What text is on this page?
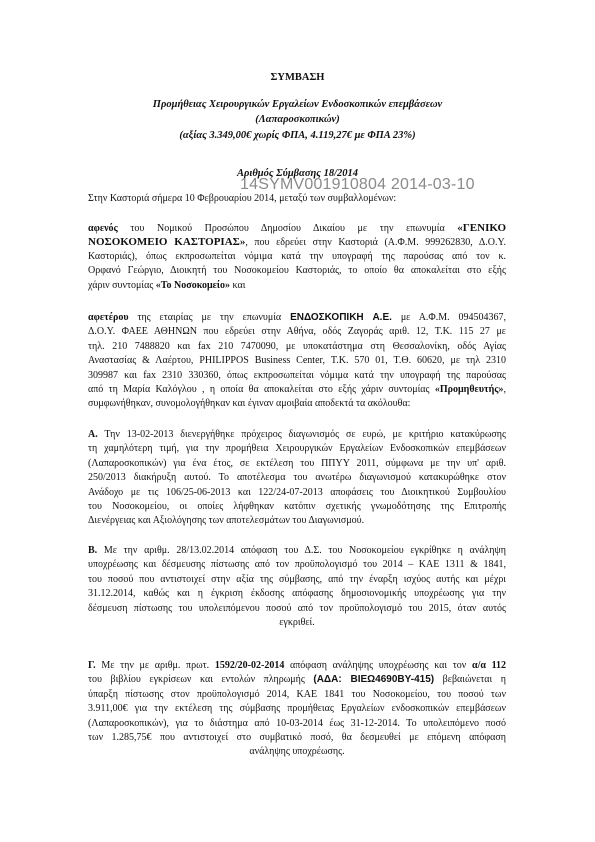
ΣΥΜΒΑΣΗ
Προμήθειας Χειρουργικών Εργαλείων Ενδοσκοπικών επεμβάσεων
(Λαπαροσκοπικών)
(αξίας 3.349,00€ χωρίς ΦΠΑ, 4.119,27€ με ΦΠΑ 23%)
Αριθμός Σύμβασης 18/2014
14SYMV001910804 2014-03-10
Στην Καστοριά σήμερα 10 Φεβρουαρίου 2014, μεταξύ των συμβαλλομένων:
αφενός του Νομικού Προσώπου Δημοσίου Δικαίου με την επωνυμία «ΓΕΝΙΚΟ
ΝΟΣΟΚΟΜΕΙΟ ΚΑΣΤΟΡΙΑΣ», που εδρεύει στην Καστοριά (Α.Φ.Μ. 999262830, Δ.Ο.Υ.
Καστοριάς), όπως εκπροσωπείται νόμιμα κατά την υπογραφή της παρούσας από τον κ.
Ορφανό Γεώργιο, Διοικητή του Νοσοκομείου Καστοριάς, το οποίο θα αποκαλείται στο εξής
χάριν συντομίας «Το Νοσοκομείο» και
αφετέρου της εταιρίας με την επωνυμία ΕΝΔΟΣΚΟΠΙΚΗ Α.Ε. με Α.Φ.Μ. 094504367,
Δ.Ο.Υ. ΦΑΕΕ ΑΘΗΝΩΝ που εδρεύει στην Αθήνα, οδός Ζαγοράς αριθ. 12, Τ.Κ. 115 27 με
τηλ. 210 7488820 και fax 210 7470090, με υποκατάστημα στη Θεσσαλονίκη, οδός Αγίας
Αναστασίας & Λαέρτου, PHILIPPOS Business Center, Τ.Κ. 570 01, Τ.Θ. 60620, με τηλ 2310
309987 και fax 2310 330360, όπως εκπροσωπείται νόμιμα κατά την υπογραφή της παρούσας
από τη Μαρία Καλόγλου , η οποία θα αποκαλείται στο εξής χάριν συντομίας «Προμηθευτής»,
συμφωνήθηκαν, συνομολογήθηκαν και έγιναν αμοιβαία αποδεκτά τα ακόλουθα:
Α. Την 13-02-2013 διενεργήθηκε πρόχειρος διαγωνισμός σε ευρώ, με κριτήριο κατακύρωσης
τη χαμηλότερη τιμή, για την προμήθεια Χειρουργικών Εργαλείων Ενδοσκοπικών επεμβάσεων
(Λαπαροσκοπικών) για ένα έτος, σε εκτέλεση του ΠΠΥΥ 2011, σύμφωνα με την υπ' αριθ.
250/2013 διακήρυξη αυτού. Το αποτέλεσμα του ανωτέρω διαγωνισμού κατακυρώθηκε στον
Ανάδοχο με τις 106/25-06-2013 και 122/24-07-2013 αποφάσεις του Διοικητικού Συμβουλίου
του Νοσοκομείου, οι οποίες λήφθηκαν κατόπιν σχετικής γνωμοδότησης της Επιτροπής
Διενέργειας και Αξιολόγησης των αποτελεσμάτων του Διαγωνισμού.
Β. Με την αριθμ. 28/13.02.2014 απόφαση του Δ.Σ. του Νοσοκομείου εγκρίθηκε η ανάληψη
υποχρέωσης και δέσμευσης πίστωσης από τον προϋπολογισμό του 2014 – ΚΑΕ 1311 & 1841,
του ποσού που αντιστοιχεί στην αξία της σύμβασης, από την έναρξη ισχύος αυτής και μέχρι
31.12.2014, καθώς και η έγκριση έκδοσης απόφασης δημοσιονομικής υποχρέωσης για την
δέσμευση πίστωσης του υπολειπόμενου ποσού από τον προϋπολογισμό του 2015, όταν αυτός
εγκριθεί.
Γ. Με την με αριθμ. πρωτ. 1592/20-02-2014 απόφαση ανάληψης υποχρέωσης και τον α/α 112
του βιβλίου εγκρίσεων και εντολών πληρωμής (ΑΔΑ: ΒΙΕΩ4690ΒΥ-415) βεβαιώνεται η
ύπαρξη πίστωσης στον προϋπολογισμό 2014, ΚΑΕ 1841 του Νοσοκομείου, του ποσού των
3.911,00€ για την εκτέλεση της σύμβασης προμήθειας Εργαλείων ενδοσκοπικών επεμβάσεων
(Λαπαροσκοπικών), για το διάστημα από 10-03-2014 έως 31-12-2014. Το υπολειπόμενο ποσό
των 1.285,75€ που αντιστοιχεί στο συμβατικό ποσό, θα δεσμευθεί με επόμενη απόφαση
ανάληψης υποχρέωσης.
